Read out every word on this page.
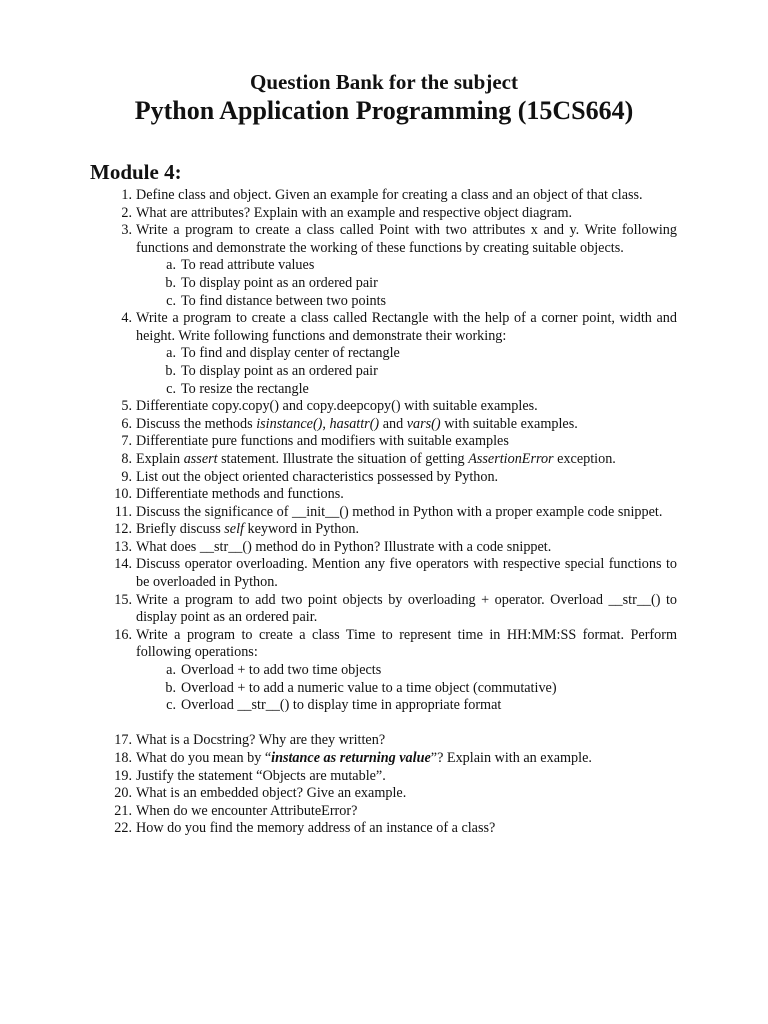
Question Bank for the subject
Python Application Programming (15CS664)
Module 4:
1. Define class and object. Given an example for creating a class and an object of that class.
2. What are attributes? Explain with an example and respective object diagram.
3. Write a program to create a class called Point with two attributes x and y. Write following functions and demonstrate the working of these functions by creating suitable objects.
a. To read attribute values
b. To display point as an ordered pair
c. To find distance between two points
4. Write a program to create a class called Rectangle with the help of a corner point, width and height. Write following functions and demonstrate their working:
a. To find and display center of rectangle
b. To display point as an ordered pair
c. To resize the rectangle
5. Differentiate copy.copy() and copy.deepcopy() with suitable examples.
6. Discuss the methods isinstance(), hasattr() and vars() with suitable examples.
7. Differentiate pure functions and modifiers with suitable examples
8. Explain assert statement. Illustrate the situation of getting AssertionError exception.
9. List out the object oriented characteristics possessed by Python.
10. Differentiate methods and functions.
11. Discuss the significance of __init__() method in Python with a proper example code snippet.
12. Briefly discuss self keyword in Python.
13. What does __str__() method do in Python? Illustrate with a code snippet.
14. Discuss operator overloading. Mention any five operators with respective special functions to be overloaded in Python.
15. Write a program to add two point objects by overloading + operator. Overload __str__() to display point as an ordered pair.
16. Write a program to create a class Time to represent time in HH:MM:SS format. Perform following operations:
a. Overload + to add two time objects
b. Overload + to add a numeric value to a time object (commutative)
c. Overload __str__() to display time in appropriate format
17. What is a Docstring? Why are they written?
18. What do you mean by “instance as returning value”? Explain with an example.
19. Justify the statement “Objects are mutable”.
20. What is an embedded object? Give an example.
21. When do we encounter AttributeError?
22. How do you find the memory address of an instance of a class?
